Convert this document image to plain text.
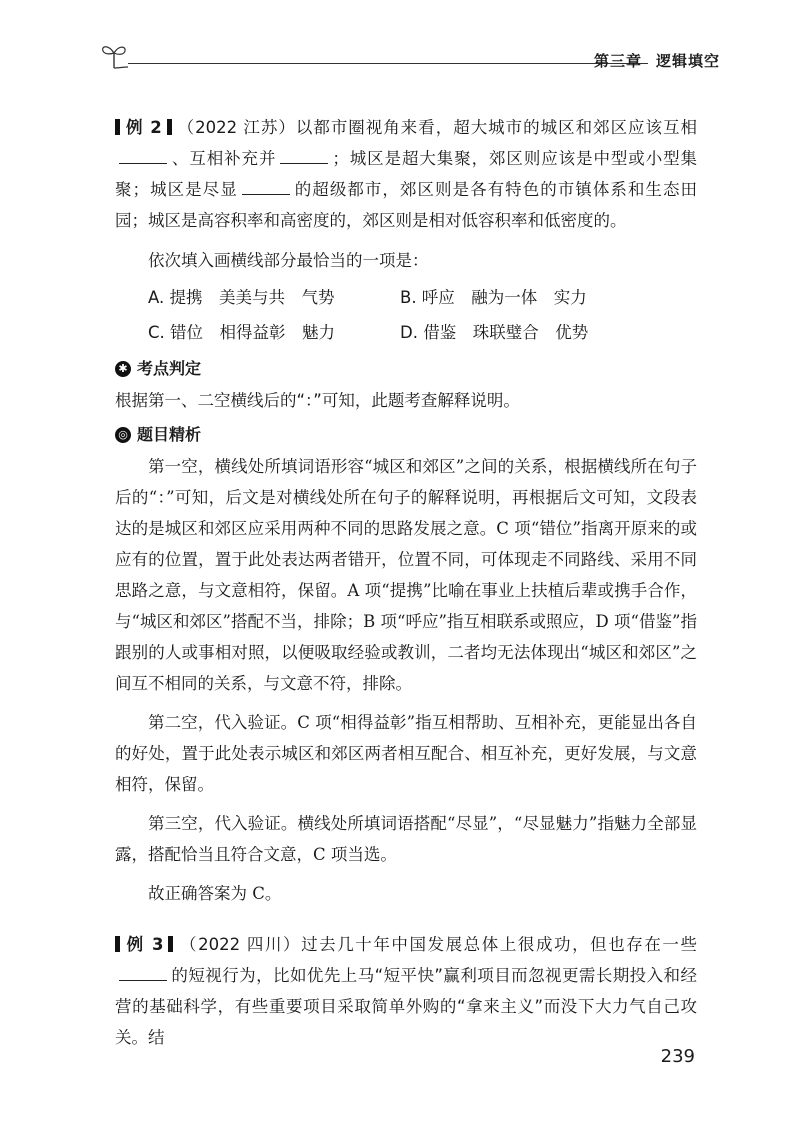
第三章 逻辑填空

例 2 （2022 江苏）以都市圈视角来看，超大城市的城区和郊区应该互相、互相补充并	；城区是超大集聚，郊区则应该是中型或小型集聚；城区是尽显	的超级都市，郊区则是各有特色的市镇体系和生态田园；城区是高容积率和高密度的，郊区则是相对低容积率和低密度的。

依次填入画横线部分最恰当的一项是：

A. 提携　美美与共　气势	B. 呼应　融为一体　实力
C. 错位　相得益彰　魅力	D. 借鉴　珠联璧合　优势
✱ 考点判定

根据第一、二空横线后的“：”可知，此题考查解释说明。

◎ 题目精析

第一空，横线处所填词语形容“城区和郊区”之间的关系，根据横线所在句子后的“：”可知，后文是对横线处所在句子的解释说明，再根据后文可知，文段表达的是城区和郊区应采用两种不同的思路发展之意。C 项“错位”指离开原来的或应有的位置，置于此处表达两者错开，位置不同，可体现走不同路线、采用不同思路之意，与文意相符，保留。A 项“提携”比喻在事业上扶植后辈或携手合作，与“城区和郊区”搭配不当，排除；B 项“呼应”指互相联系或照应，D 项“借鉴”指跟别的人或事相对照，以便吸取经验或教训，二者均无法体现出“城区和郊区”之间互不相同的关系，与文意不符，排除。

第二空，代入验证。C 项“相得益彰”指互相帮助、互相补充，更能显出各自的好处，置于此处表示城区和郊区两者相互配合、相互补充，更好发展，与文意相符，保留。

第三空，代入验证。横线处所填词语搭配“尽显”，“尽显魅力”指魅力全部显露，搭配恰当且符合文意，C 项当选。

故正确答案为 C。

例 3 （2022 四川）过去几十年中国发展总体上很成功，但也存在一些的短视行为，比如优先上马“短平快”赢利项目而忽视更需长期投入和经营的基础科学，有些重要项目采取简单外购的“拿来主义”而没下大力气自己攻关。结

239
